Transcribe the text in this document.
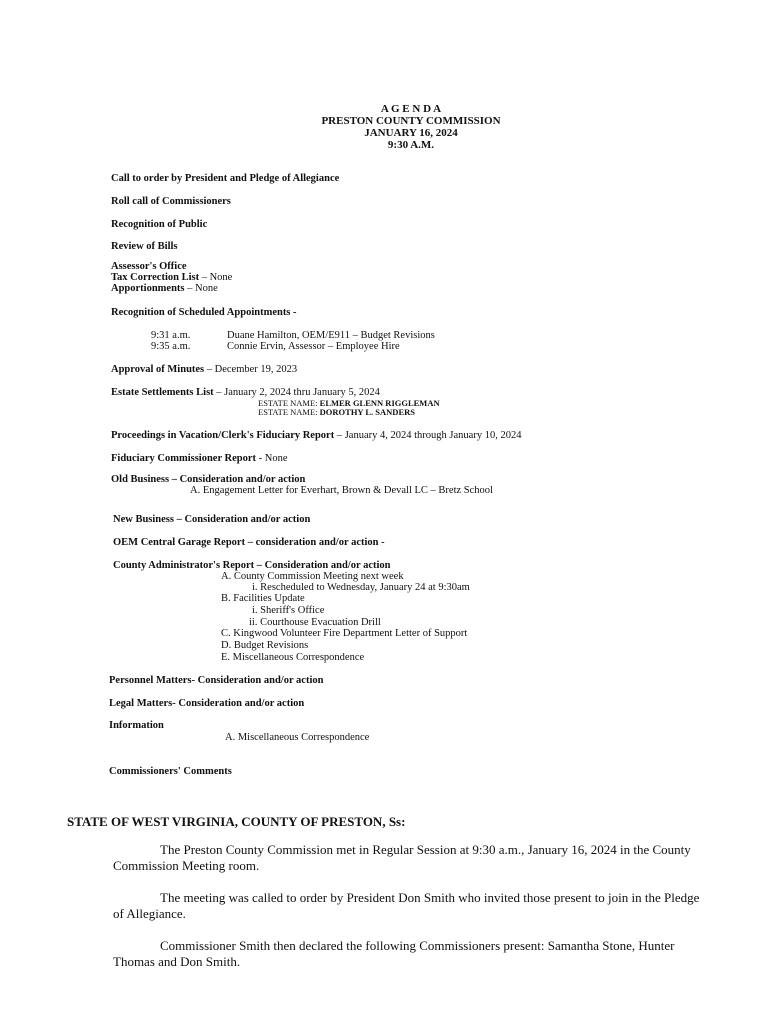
A G E N D A
PRESTON COUNTY COMMISSION
JANUARY 16, 2024
9:30 A.M.
Call to order by President and Pledge of Allegiance
Roll call of Commissioners
Recognition of Public
Review of Bills
Assessor's Office
Tax Correction List – None
Apportionments – None
Recognition of Scheduled Appointments -
9:31 a.m.	Duane Hamilton, OEM/E911 – Budget Revisions
9:35 a.m.	Connie Ervin, Assessor – Employee Hire
Approval of Minutes – December 19, 2023
Estate Settlements List – January 2, 2024 thru January 5, 2024
ESTATE NAME: ELMER GLENN RIGGLEMAN
ESTATE NAME: DOROTHY L. SANDERS
Proceedings in Vacation/Clerk's Fiduciary Report – January 4, 2024 through January 10, 2024
Fiduciary Commissioner Report - None
Old Business – Consideration and/or action
A. Engagement Letter for Everhart, Brown & Devall LC – Bretz School
New Business – Consideration and/or action
OEM Central Garage Report – consideration and/or action -
County Administrator's Report – Consideration and/or action
A. County Commission Meeting next week
i. Rescheduled to Wednesday, January 24 at 9:30am
B. Facilities Update
i. Sheriff's Office
ii. Courthouse Evacuation Drill
C. Kingwood Volunteer Fire Department Letter of Support
D. Budget Revisions
E. Miscellaneous Correspondence
Personnel Matters- Consideration and/or action
Legal Matters- Consideration and/or action
Information
A. Miscellaneous Correspondence
Commissioners' Comments
STATE OF WEST VIRGINIA, COUNTY OF PRESTON, Ss:
The Preston County Commission met in Regular Session at 9:30 a.m., January 16, 2024 in the County Commission Meeting room.
The meeting was called to order by President Don Smith who invited those present to join in the Pledge of Allegiance.
Commissioner Smith then declared the following Commissioners present: Samantha Stone, Hunter Thomas and Don Smith.
